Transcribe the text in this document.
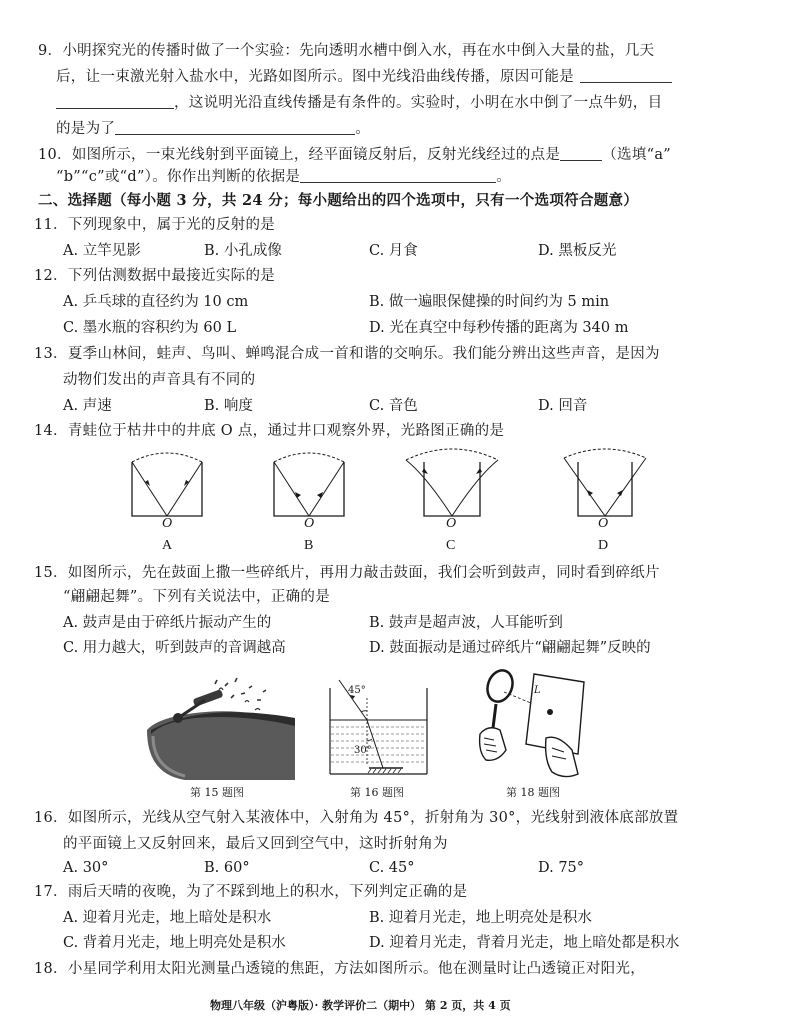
9．小明探究光的传播时做了一个实验：先向透明水槽中倒入水，再在水中倒入大量的盐，几天
后，让一束激光射入盐水中，光路如图所示。图中光线沿曲线传播，原因可能是
，这说明光沿直线传播是有条件的。实验时，小明在水中倒了一点牛奶，目
的是为了	。
10．如图所示，一束光线射到平面镜上，经平面镜反射后，反射光线经过的点是	（选填“a”
“b”“c”或“d”）。你作出判断的依据是	。
二、选择题（每小题 3 分，共 24 分；每小题给出的四个选项中，只有一个选项符合题意）
11．下列现象中，属于光的反射的是
A. 立竿见影	B. 小孔成像	C. 月食	D. 黑板反光
12．下列估测数据中最接近实际的是
A. 乒乓球的直径约为 10 cm	B. 做一遍眼保健操的时间约为 5 min
C. 墨水瓶的容积约为 60 L	D. 光在真空中每秒传播的距离为 340 m
13．夏季山林间，蛙声、鸟叫、蝉鸣混合成一首和谐的交响乐。我们能分辨出这些声音，是因为
动物们发出的声音具有不同的
A. 声速	B. 响度	C. 音色	D. 回音
14．青蛙位于枯井中的井底 O 点，通过井口观察外界，光路图正确的是
O
A
O
B
O
C
O
D
15．如图所示，先在鼓面上撒一些碎纸片，再用力敲击鼓面，我们会听到鼓声，同时看到碎纸片
“翩翩起舞”。下列有关说法中，正确的是
A. 鼓声是由于碎纸片振动产生的	B. 鼓声是超声波，人耳能听到
C. 用力越大，听到鼓声的音调越高	D. 鼓面振动是通过碎纸片“翩翩起舞”反映的
第 15 题图
45°
30°
第 16 题图
L
第 18 题图
16．如图所示，光线从空气射入某液体中，入射角为 45°，折射角为 30°，光线射到液体底部放置
的平面镜上又反射回来，最后又回到空气中，这时折射角为
A. 30°	B. 60°	C. 45°	D. 75°
17．雨后天晴的夜晚，为了不踩到地上的积水，下列判定正确的是
A. 迎着月光走，地上暗处是积水	B. 迎着月光走，地上明亮处是积水
C. 背着月光走，地上明亮处是积水	D. 迎着月光走，背着月光走，地上暗处都是积水
18．小星同学利用太阳光测量凸透镜的焦距，方法如图所示。他在测量时让凸透镜正对阳光，
物理八年级（沪粤版）· 教学评价二（期中） 第 2 页，共 4 页
